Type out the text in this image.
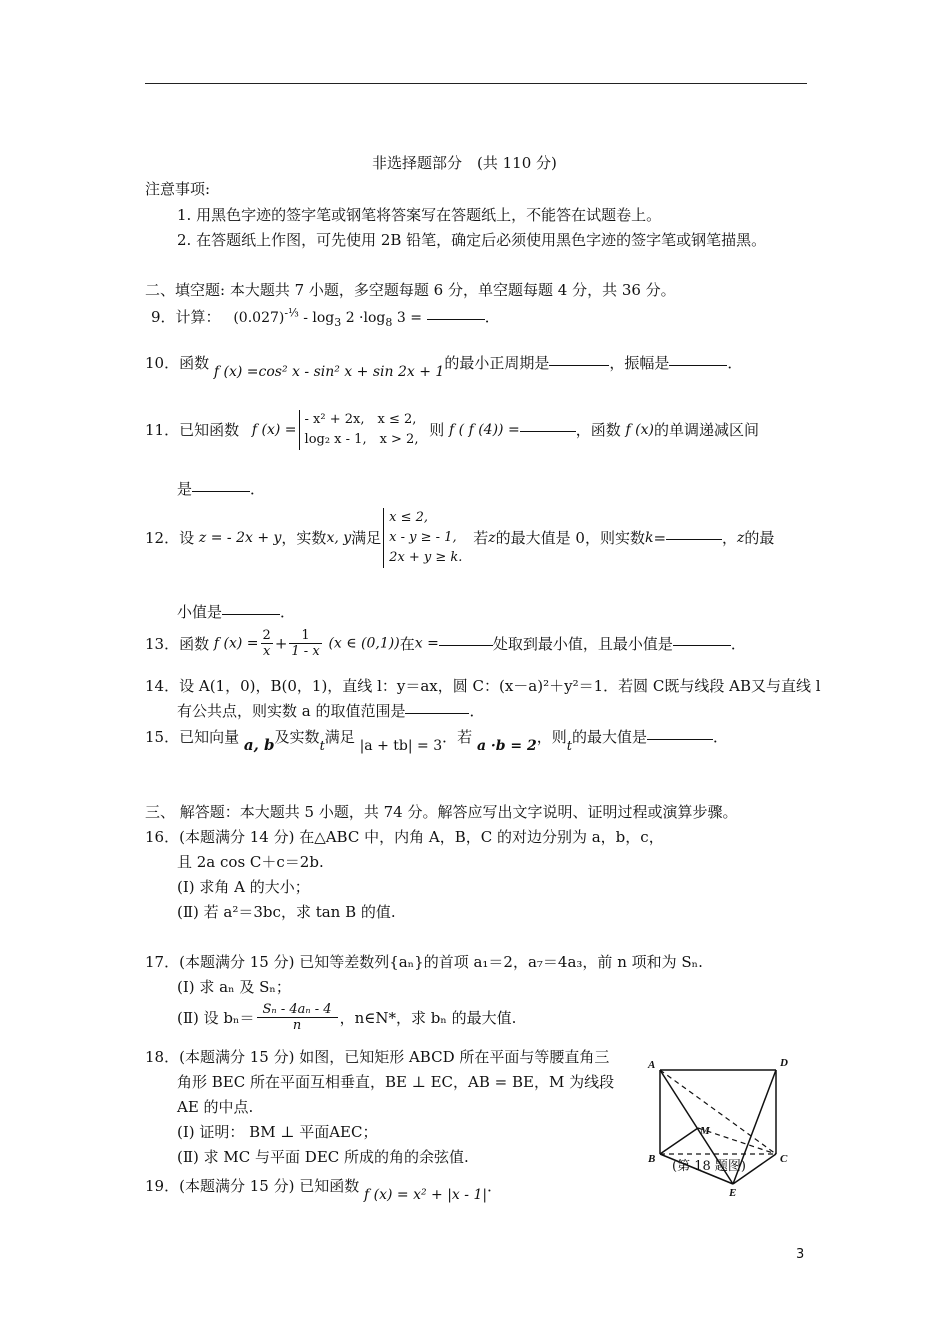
非选择题部分　(共 110 分)
注意事项:
1. 用黑色字迹的签字笔或钢笔将答案写在答题纸上，不能答在试题卷上。
2. 在答题纸上作图，可先使用 2B 铅笔，确定后必须使用黑色字迹的签字笔或钢笔描黑。
二、填空题: 本大题共 7 小题，多空题每题 6 分，单空题每题 4 分，共 36 分。
9．计算： $(0.027)^{-\frac{1}{3}} - \log_3 2 \cdot\log_8$ 3 =	．
10．函数 f (x) =cos² x - sin² x + sin 2x + 1的最小正周期是	，振幅是	．
11．已知函数 f (x) =
- x² + 2x,　x ≤ 2,
log₂ x - 1,　x > 2,
则 f ( f (4)) =	，函数 f (x)的单调递减区间
是	．
12．设 z = - 2x + y，实数x, y满足
x ≤ 2,
x - y ≥ - 1,
2x + y ≥ k.
若z的最大值是 0，则实数k=	，z的最
小值是	．
13．函数 f $(x) = \frac{2}{x} + \frac{1}{1 - x} (x$ ∈ (0,1))在x =	处取到最小值，且最小值是	．
14．设 A(1，0)，B(0，1)，直线 l：y＝ax，圆 C：(x－a)²＋y²＝1．若圆 C既与线段 AB又与直线 l
有公共点，则实数 a 的取值范围是	．
15．已知向量 a, b及实数t满足 |a + tb| = 3．若 a ·b = 2，则t的最大值是	．
三、 解答题：本大题共 5 小题，共 74 分。解答应写出文字说明、证明过程或演算步骤。
16．(本题满分 14 分) 在△ABC 中，内角 A，B，C 的对边分别为 a，b，c，
且 2a cos C＋c＝2b.
(Ⅰ) 求角 A 的大小；
(Ⅱ) 若 a²＝3bc，求 tan B 的值.
17．(本题满分 15 分) 已知等差数列{aₙ}的首项 a₁＝2，a₇＝4a₃，前 n 项和为 Sₙ.
(Ⅰ) 求 aₙ 及 Sₙ；
(Ⅱ) 设 $b_n= \frac{\text{Sₙ - 4aₙ - 4}}{n}$ ，n∈N*，求 bₙ 的最大值.
18．(本题满分 15 分) 如图，已知矩形 ABCD 所在平面与等腰直角三
角形 BEC 所在平面互相垂直，BE ⊥ EC，AB = BE，M 为线段
AE 的中点.
(Ⅰ) 证明： BM ⊥ 平面AEC；
(Ⅱ) 求 MC 与平面 DEC 所成的角的余弦值.
A	D
M
B	C
E
(第 18 题图)
19．(本题满分 15 分) 已知函数 f (x) = x² + |x - 1|．
3
